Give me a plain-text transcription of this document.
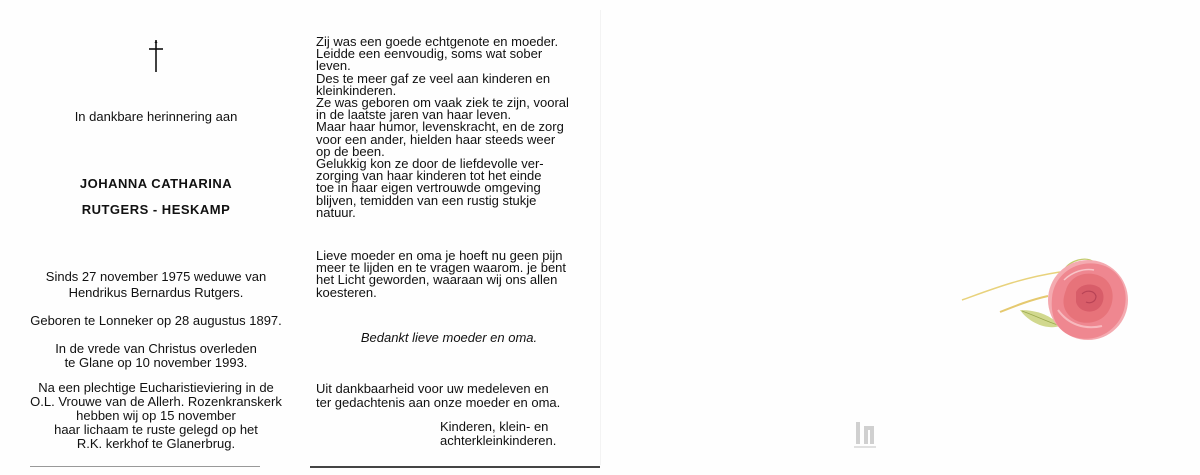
In dankbare herinnering aan
JOHANNA CATHARINA
RUTGERS - HESKAMP
Sinds 27 november 1975 weduwe van
Hendrikus Bernardus Rutgers.
Geboren te Lonneker op 28 augustus 1897.
In de vrede van Christus overleden
te Glane op 10 november 1993.
Na een plechtige Eucharistieviering in de
O.L. Vrouwe van de Allerh. Rozenkranskerk
hebben wij op 15 november
haar lichaam te ruste gelegd op het
R.K. kerkhof te Glanerbrug.

Zij was een goede echtgenote en moeder.

Leidde een eenvoudig, soms wat sober

leven.

Des te meer gaf ze veel aan kinderen en

kleinkinderen.

Ze was geboren om vaak ziek te zijn, vooral

in de laatste jaren van haar leven.

Maar haar humor, levenskracht, en de zorg

voor een ander, hielden haar steeds weer

op de been.

Gelukkig kon ze door de liefdevolle ver-

zorging van haar kinderen tot het einde

toe in haar eigen vertrouwde omgeving

blijven, temidden van een rustig stukje

natuur.

Lieve moeder en oma je hoeft nu geen pijn

meer te lijden en te vragen waarom. je bent

het Licht geworden, waaraan wij ons allen

koesteren.

Bedankt lieve moeder en oma.
Uit dankbaarheid voor uw medeleven en
ter gedachtenis aan onze moeder en oma.
Kinderen, klein- en
achterkleinkinderen.
